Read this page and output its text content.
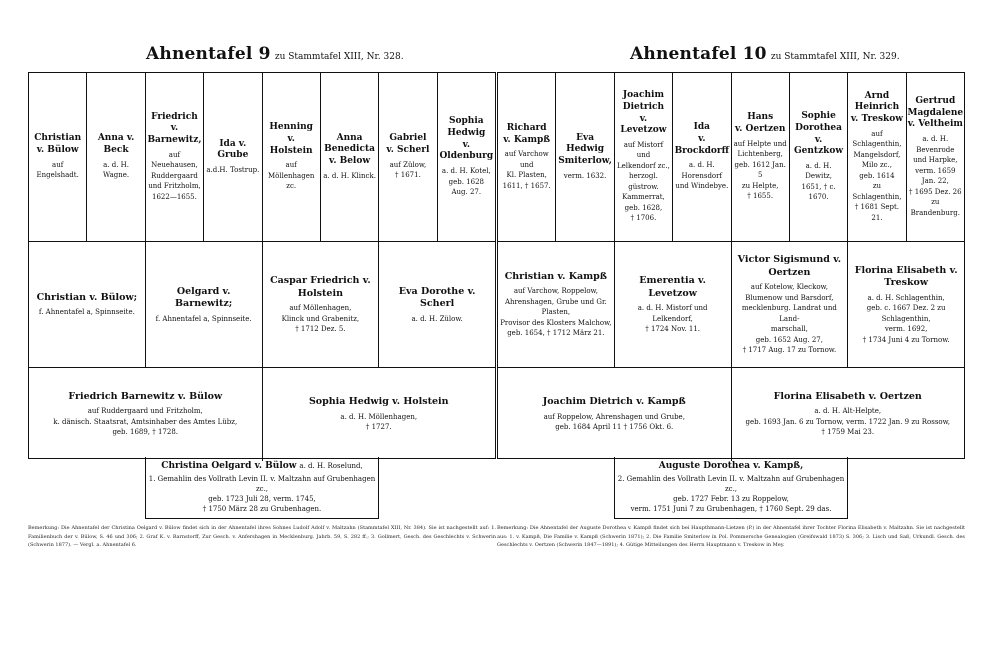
Ahnentafel 9 zu Stammtafel XIII, Nr. 328.
Christian
v. Bülow
auf
Engelshadt.
Anna v. Beck
a. d. H. Wagne.
Friedrich
v. Barnewitz,
auf Neuehausen,
Ruddergaard
und Fritzholm,
1622—1655.
Ida v. Grube
a.d.H. Tostrup.
Henning
v. Holstein
auf
Möllenhagen zc.
Anna
Benedicta
v. Below
a. d. H. Klinck.
Gabriel
v. Scherl
auf Zülow,
† 1671.
Sophia Hedwig
v.
Oldenburg
a. d. H. Kotel,
geb. 1628
Aug. 27.
Christian v. Bülow;
f. Ahnentafel a, Spinnseite.
Oelgard v. Barnewitz;
f. Ahnentafel a, Spinnseite.
Caspar Friedrich v. Holstein
auf Möllenhagen,
Klinck und Grabenitz,
† 1712 Dez. 5.
Eva Dorothe v. Scherl
a. d. H. Zülow.
Friedrich Barnewitz v. Bülow
auf Ruddergaard und Fritzholm,
k. dänisch. Staatsrat, Amtsinhaber des Amtes Lübz,
geb. 1689, † 1728.
Sophia Hedwig v. Holstein
a. d. H. Möllenhagen,
† 1727.
Christina Oelgard v. Bülow a. d. H. Roselund,
1. Gemahlin des Vollrath Levin II. v. Maltzahn auf Grubenhagen zc.,
geb. 1723 Juli 28, verm. 1745,
† 1750 März 28 zu Grubenhagen.
Bemerkung: Die Ahnentafel der Christina Oelgard v. Bülow findet sich in der Ahnentafel ihres Sohnes Ludolf Adolf v. Maltzahn (Stammtafel XIII, Nr. 384). Sie ist nachgestellt auf: 1. Familienbuch der v. Bülow, S. 46 und 306; 2. Graf K. v. Barnstorff, Zur Gesch. v. Anfershagen in Mecklenburg. Jahrb. 59, S. 282 ff.; 3. Gollmert, Gesch. des Geschlechts v. Schwerin (Schwerin 1877). — Vergl. a. Ahnentafel 6.
Ahnentafel 10 zu Stammtafel XIII, Nr. 329.
Richard
v. Kampß
auf Varchow und
Kl. Plasten,
1611, † 1657.
Eva Hedwig
Smiterlow,
verm. 1632.
Joachim
Dietrich
v. Levetzow
auf Mistorf und
Lelkendorf zc.,
herzogl. güstrow.
Kammerrat,
geb. 1628,
† 1706.
Ida
v. Brockdorff
a. d. H.
Horensdorf
und Windebye.
Hans
v. Oertzen
auf Helpte und
Lichtenberg,
geb. 1612 Jan. 5
zu Helpte,
† 1655.
Sophie
Dorothea
v. Gentzkow
a. d. H. Dewitz,
1651, † c. 1670.
Arnd Heinrich
v. Treskow
auf Schlagenthin,
Mangelsdorf,
Milo zc.,
geb. 1614
zu Schlagenthin,
† 1681 Sept. 21.
Gertrud
Magdalene
v. Veltheim
a. d. H.
Bevenrode
und Harpke,
verm. 1659
Jan. 22,
† 1695 Dez. 26
zu
Brandenburg.
Christian v. Kampß
auf Varchow, Roppelow, Ahrenshagen, Grube und Gr. Plasten,
Provisor des Klosters Malchow,
geb. 1654, † 1712 März 21.
Emerentia v. Levetzow
a. d. H. Mistorf und Lelkendorf,
† 1724 Nov. 11.
Victor Sigismund v. Oertzen
auf Kotelow, Kleckow,
Blumenow und Barsdorf,
mecklenburg. Landrat und Land-
marschall,
geb. 1652 Aug. 27,
† 1717 Aug. 17 zu Tornow.
Florina Elisabeth v. Treskow
a. d. H. Schlagenthin,
geb. c. 1667 Dez. 2 zu Schlagenthin,
verm. 1692,
† 1734 Juni 4 zu Tornow.
Joachim Dietrich v. Kampß
auf Roppelow, Ahrenshagen und Grube,
geb. 1684 April 11 † 1756 Okt. 6.
Florina Elisabeth v. Oertzen
a. d. H. Alt-Helpte,
geb. 1693 Jan. 6 zu Tornow, verm. 1722 Jan. 9 zu Rossow,
† 1759 Mai 23.
Auguste Dorothea v. Kampß,
2. Gemahlin des Vollrath Levin II. v. Maltzahn auf Grubenhagen zc.,
geb. 1727 Febr. 13 zu Roppelow,
verm. 1751 Juni 7 zu Grubenhagen, † 1760 Sept. 29 das.
Bemerkung: Die Ahnentafel der Auguste Dorothea v. Kampß findet sich bei Haupthmann-Lietzen (P.) in der Ahnentafel ihrer Tochter Florina Elisabeth v. Maltzahn. Sie ist nachgestellt aus: 1. v. Kampß, Die Familie v. Kampß (Schwerin 1871); 2. Die Familie Smiterlow in Pol. Pommersche Genealogien (Greifswald 1873) S. 306; 3. Lisch und Saß, Urkundl. Gesch. des Geschlechts v. Oertzen (Schwerin 1847—1891); 4. Gütige Mitteilungen des Herrn Hauptmann v. Treskow in Mey.
